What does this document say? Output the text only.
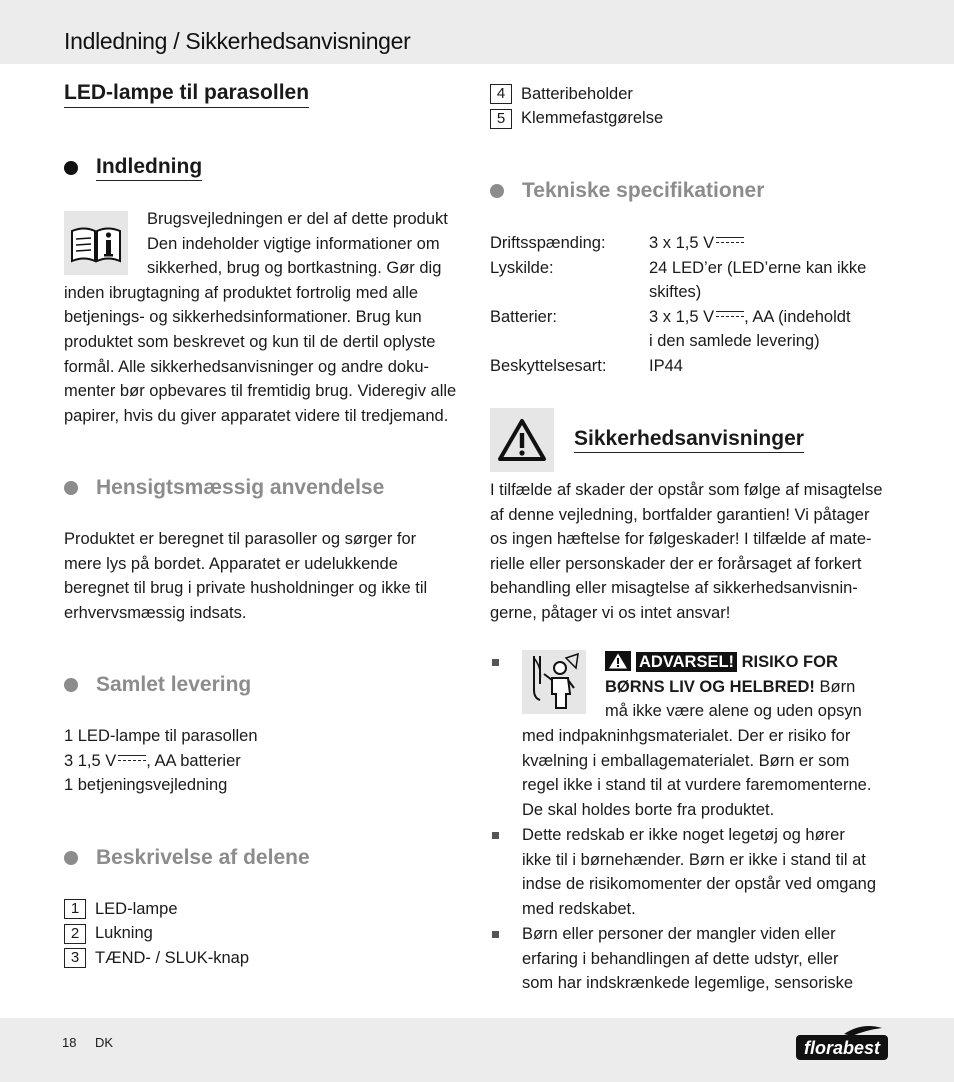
Indledning / Sikkerhedsanvisninger
LED-lampe til parasollen
Indledning
Brugsvejledningen er del af dette produkt
Den indeholder vigtige informationer om
sikkerhed, brug og bortkastning. Gør dig
inden ibrugtagning af produktet fortrolig med alle
betjenings- og sikkerhedsinformationer. Brug kun
produktet som beskrevet og kun til de dertil oplyste
formål. Alle sikkerhedsanvisninger og andre doku-
menter bør opbevares til fremtidig brug. Videregiv alle
papirer, hvis du giver apparatet videre til tredjemand.
Hensigtsmæssig anvendelse
Produktet er beregnet til parasoller og sørger for
mere lys på bordet. Apparatet er udelukkende
beregnet til brug i private husholdninger og ikke til
erhvervsmæssig indsats.
Samlet levering
1 LED-lampe til parasollen
3 1,5 V , AA batterier
1 betjeningsvejledning
Beskrivelse af delene
1 LED-lampe
2 Lukning
3 TÆND- / SLUK-knap
4 Batteribeholder
5 Klemmefastgørelse
Tekniske specifikationer
Driftsspænding:	3 x 1,5 V
Lyskilde:	24 LED’er (LED’erne kan ikke
skiftes)

Batterier:	3 x 1,5 V , AA (indeholdt
i den samlede levering)

Beskyttelsesart:	IP44
Sikkerhedsanvisninger
I tilfælde af skader der opstår som følge af misagtelse
af denne vejledning, bortfalder garantien! Vi påtager
os ingen hæftelse for følgeskader! I tilfælde af mate-
rielle eller personskader der er forårsaget af forkert
behandling eller misagtelse af sikkerhedsanvisnin-
gerne, påtager vi os intet ansvar!
ADVARSEL! RISIKO FOR
BØRNS LIV OG HELBRED! Børn
må ikke være alene og uden opsyn
med indpakninhgsmaterialet. Der er risiko for
kvælning i emballagematerialet. Børn er som
regel ikke i stand til at vurdere faremomenterne.
De skal holdes borte fra produktet.
Dette redskab er ikke noget legetøj og hører
ikke til i børnehænder. Børn er ikke i stand til at
indse de risikomomenter der opstår ved omgang
med redskabet.
Børn eller personer der mangler viden eller
erfaring i behandlingen af dette udstyr, eller
som har indskrænkede legemlige, sensoriske
18 DK	florabest
